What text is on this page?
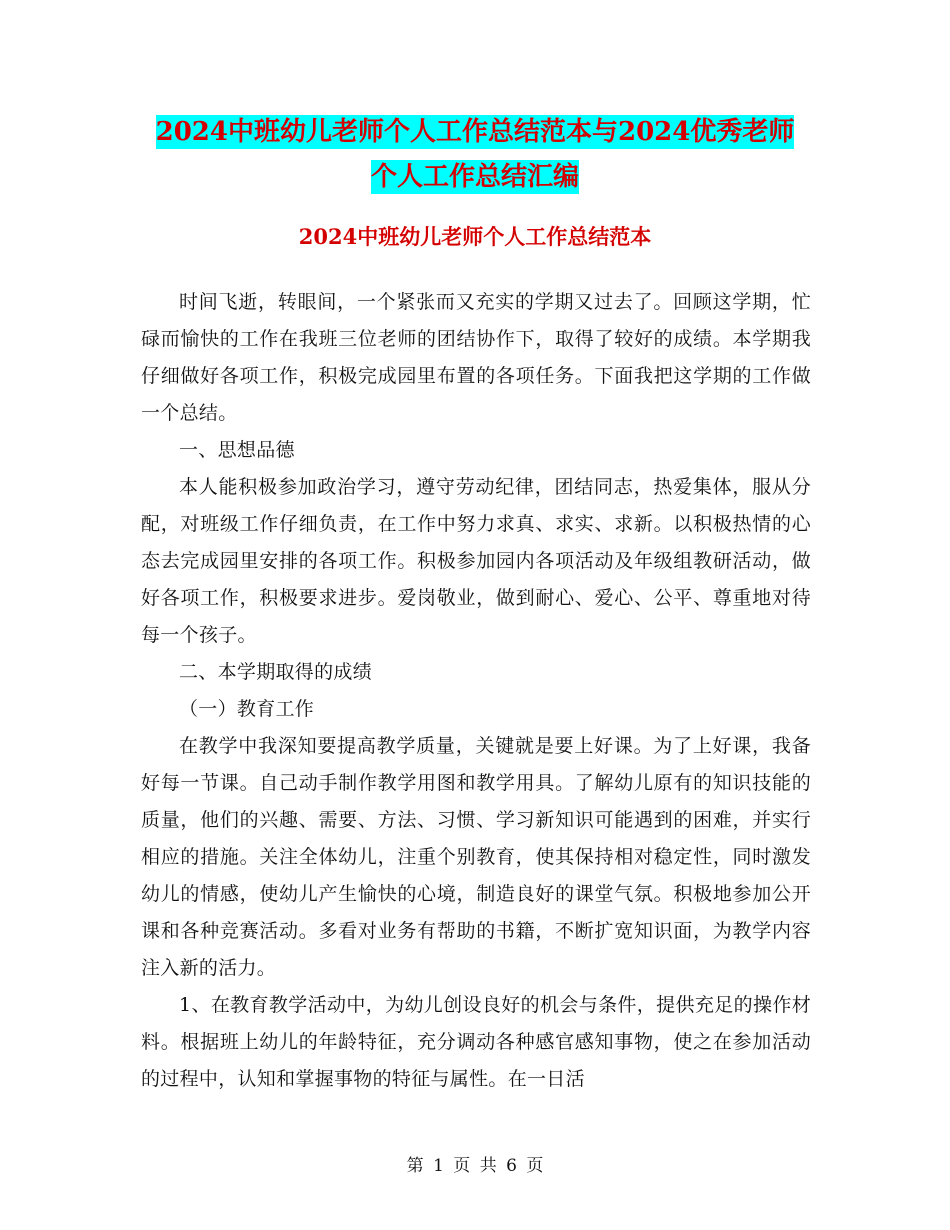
2024中班幼儿老师个人工作总结范本与2024优秀老师
个人工作总结汇编
2024中班幼儿老师个人工作总结范本

时间飞逝，转眼间，一个紧张而又充实的学期又过去了。回顾这学期，忙碌而愉快的工作在我班三位老师的团结协作下，取得了较好的成绩。本学期我仔细做好各项工作，积极完成园里布置的各项任务。下面我把这学期的工作做一个总结。

一、思想品德

本人能积极参加政治学习，遵守劳动纪律，团结同志，热爱集体，服从分配，对班级工作仔细负责，在工作中努力求真、求实、求新。以积极热情的心态去完成园里安排的各项工作。积极参加园内各项活动及年级组教研活动，做好各项工作，积极要求进步。爱岗敬业，做到耐心、爱心、公平、尊重地对待每一个孩子。

二、本学期取得的成绩

（一）教育工作

在教学中我深知要提高教学质量，关键就是要上好课。为了上好课，我备好每一节课。自己动手制作教学用图和教学用具。了解幼儿原有的知识技能的质量，他们的兴趣、需要、方法、习惯、学习新知识可能遇到的困难，并实行相应的措施。关注全体幼儿，注重个别教育，使其保持相对稳定性，同时激发幼儿的情感，使幼儿产生愉快的心境，制造良好的课堂气氛。积极地参加公开课和各种竞赛活动。多看对业务有帮助的书籍，不断扩宽知识面，为教学内容注入新的活力。

1、在教育教学活动中，为幼儿创设良好的机会与条件，提供充足的操作材料。根据班上幼儿的年龄特征，充分调动各种感官感知事物，使之在参加活动的过程中，认知和掌握事物的特征与属性。在一日活

第 1 页 共 6 页
